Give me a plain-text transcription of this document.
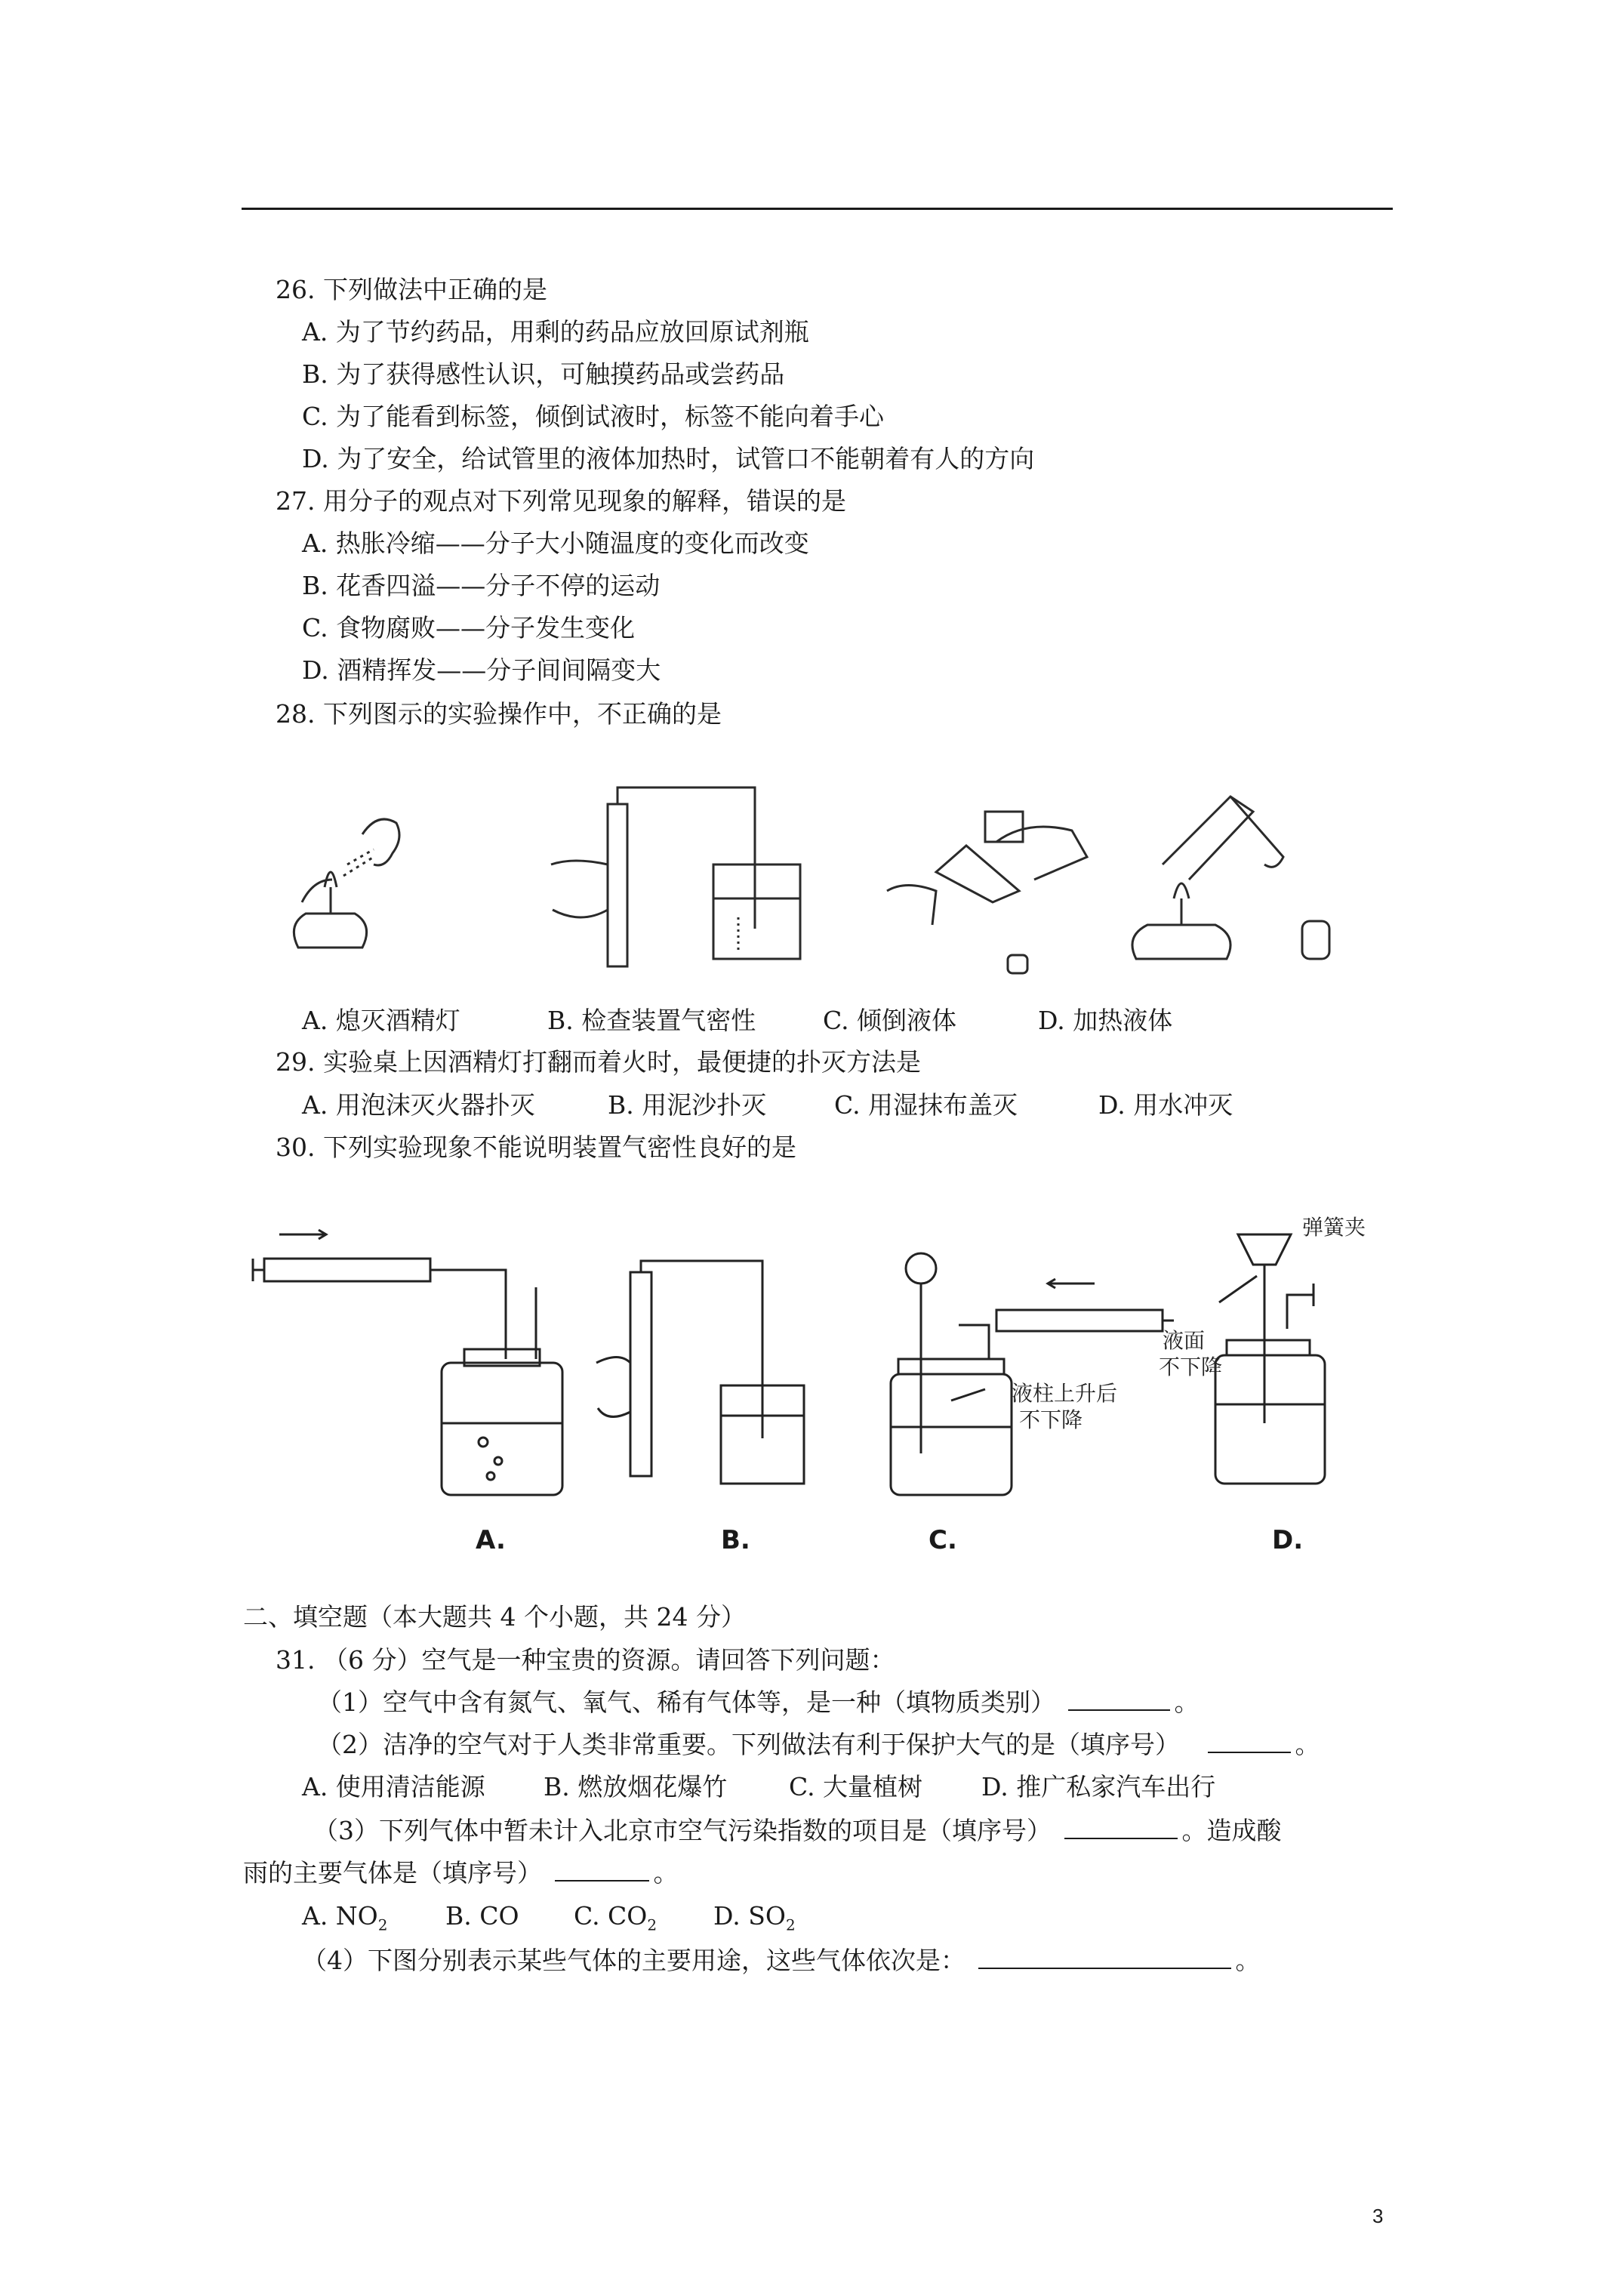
26. 下列做法中正确的是
A. 为了节约药品，用剩的药品应放回原试剂瓶
B. 为了获得感性认识，可触摸药品或尝药品
C. 为了能看到标签，倾倒试液时，标签不能向着手心
D. 为了安全，给试管里的液体加热时，试管口不能朝着有人的方向
27. 用分子的观点对下列常见现象的解释，错误的是
A. 热胀冷缩——分子大小随温度的变化而改变
B. 花香四溢——分子不停的运动
C. 食物腐败——分子发生变化
D. 酒精挥发——分子间间隔变大
28. 下列图示的实验操作中，不正确的是
A. 熄灭酒精灯	B. 检查装置气密性	C. 倾倒液体	D. 加热液体
29. 实验桌上因酒精灯打翻而着火时，最便捷的扑灭方法是
A. 用泡沫灭火器扑灭	B. 用泥沙扑灭	C. 用湿抹布盖灭	D. 用水冲灭
30. 下列实验现象不能说明装置气密性良好的是
液柱上升后
不下降
液面
不下降
弹簧夹
A.	B.	C.	D.
二、填空题（本大题共 4 个小题，共 24 分）
31. （6 分）空气是一种宝贵的资源。请回答下列问题：
（1）空气中含有氮气、氧气、稀有气体等，是一种（填物质类别）	。
（2）洁净的空气对于人类非常重要。下列做法有利于保护大气的是（填序号）	。
A. 使用清洁能源 B. 燃放烟花爆竹 C. 大量植树 D. 推广私家汽车出行
（3）下列气体中暂未计入北京市空气污染指数的项目是（填序号）	。造成酸
雨的主要气体是（填序号）	。
A. $NO_2$ B. CO C. $CO_2$ D. $SO_2$
（4）下图分别表示某些气体的主要用途，这些气体依次是：	。
3
